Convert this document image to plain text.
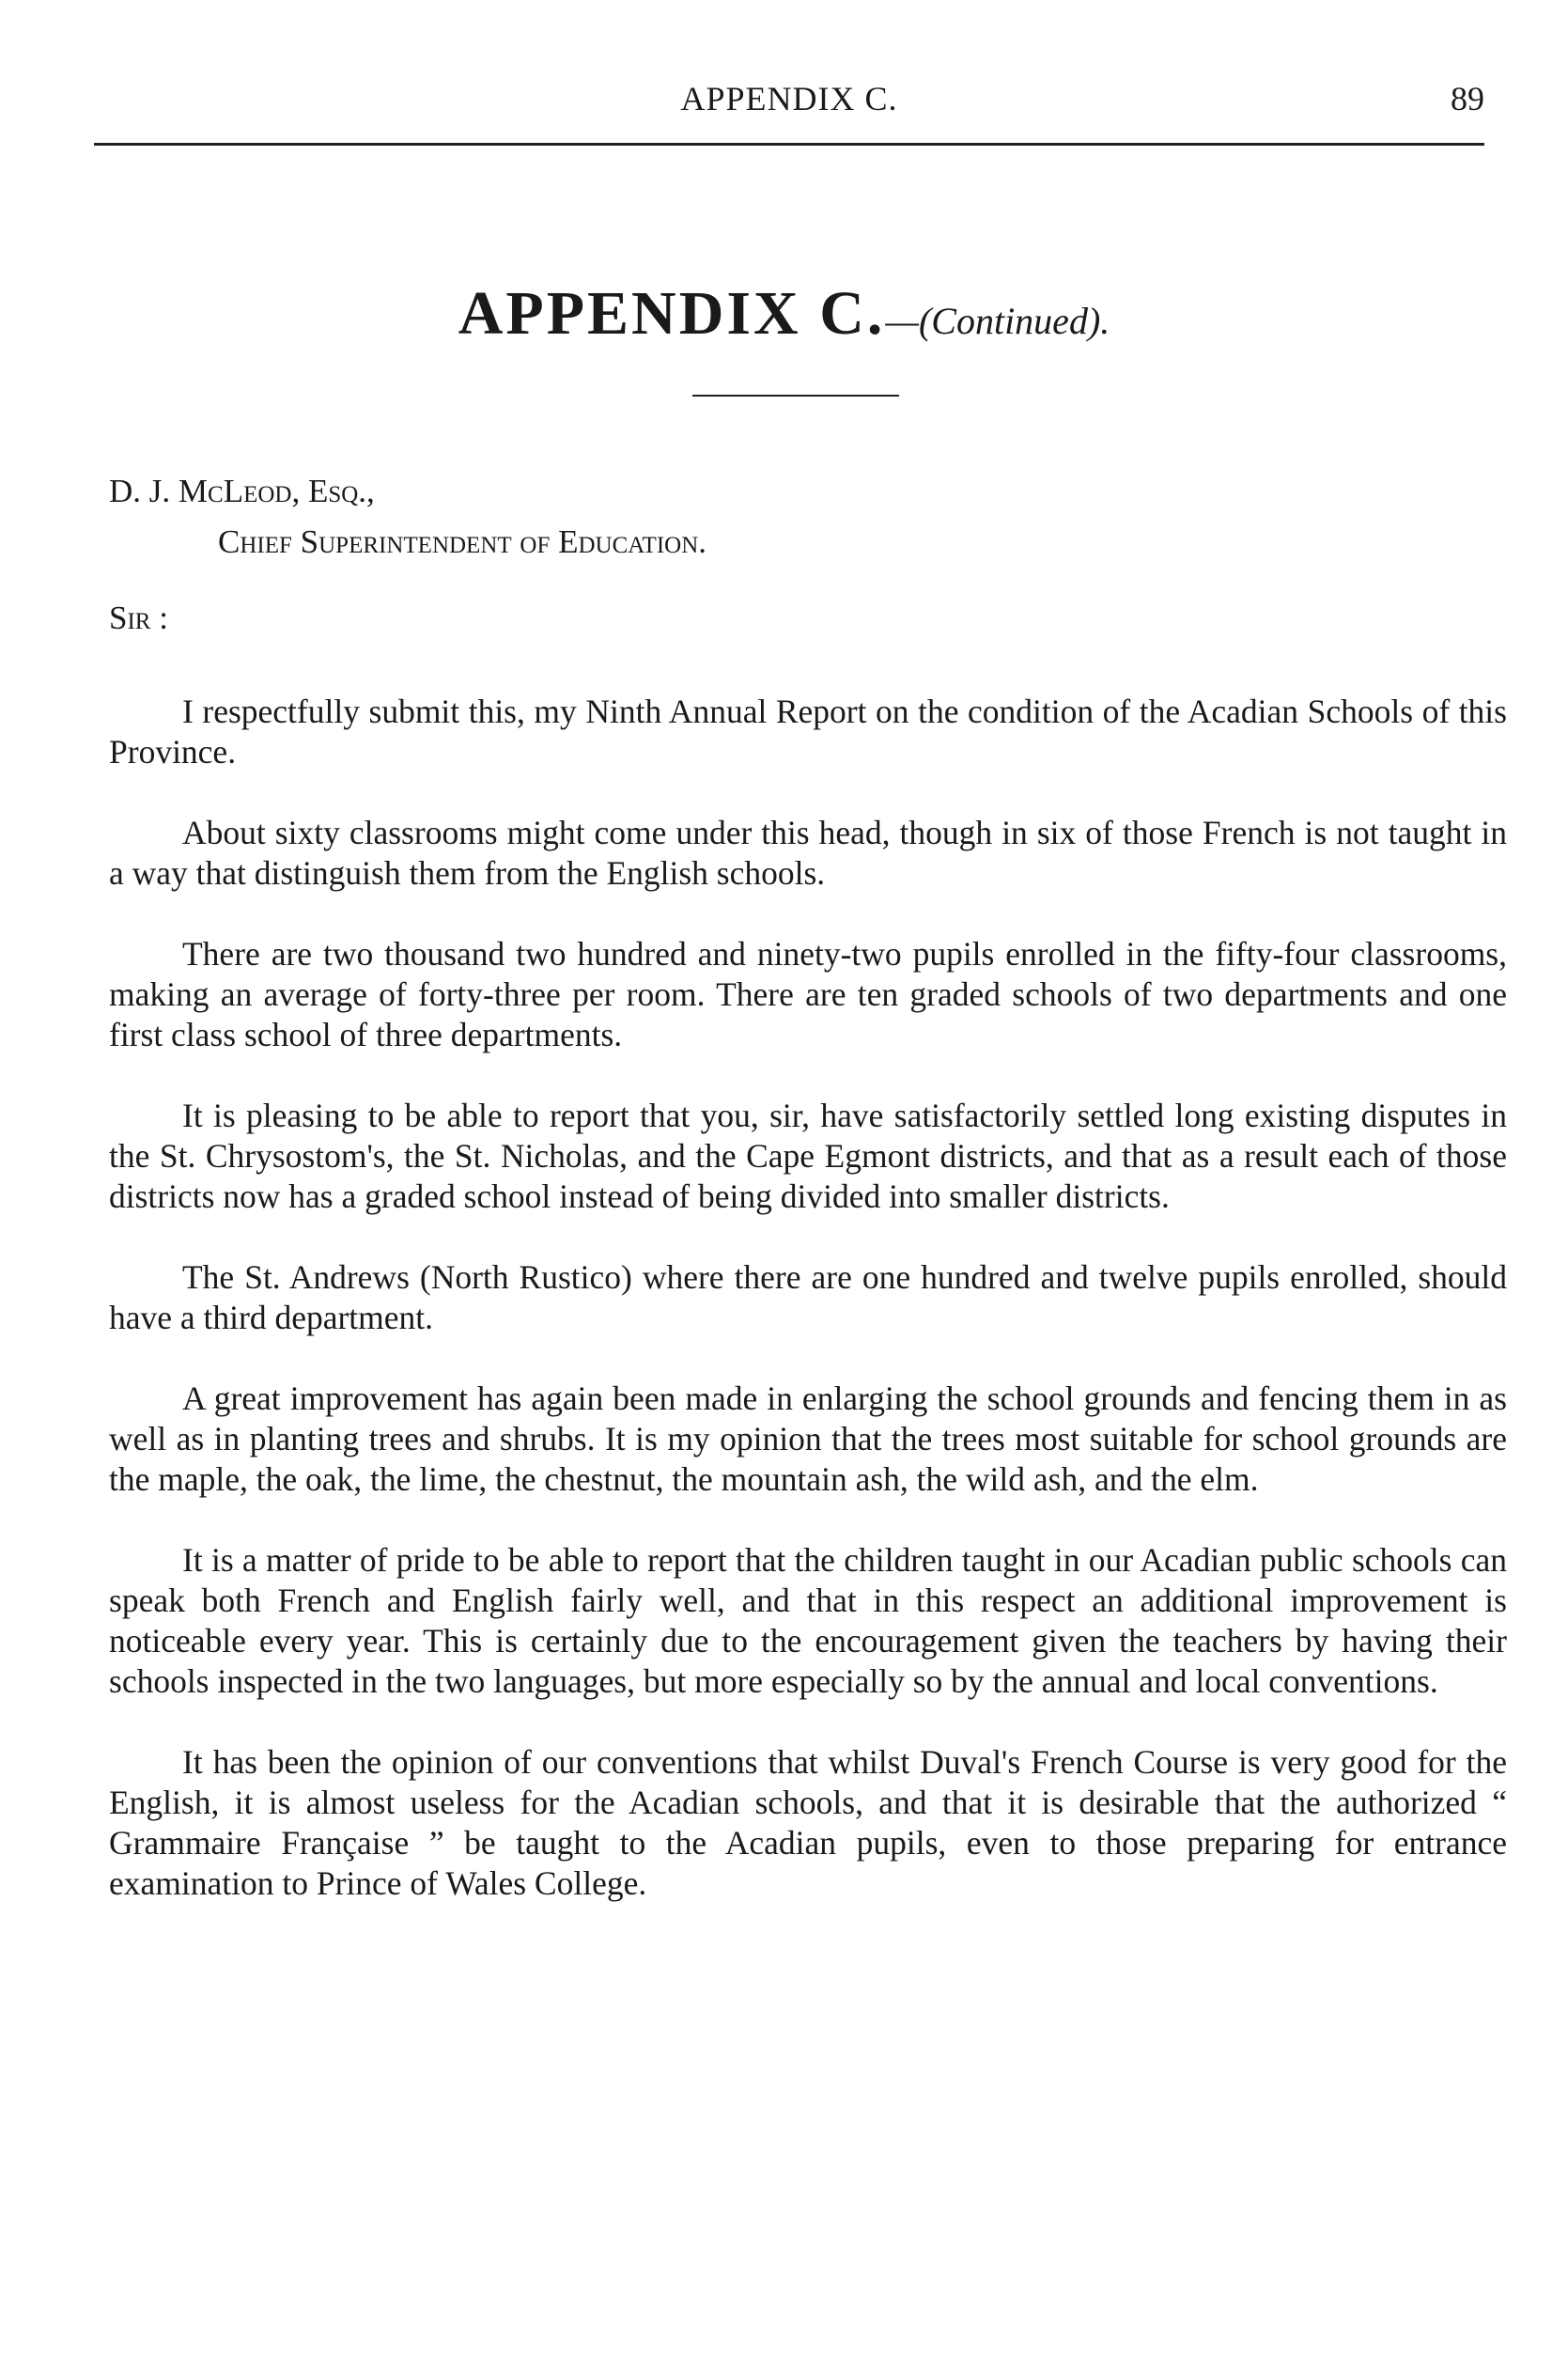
APPENDIX C.	89
APPENDIX C.—(Continued).
D. J. McLeod, Esq.,
Chief Superintendent of Education.
Sir :

I respectfully submit this, my Ninth Annual Report on the condition of the Acadian Schools of this Province.

About sixty classrooms might come under this head, though in six of those French is not taught in a way that distinguish them from the English schools.

There are two thousand two hundred and ninety-two pupils enrolled in the fifty-four classrooms, making an average of forty-three per room. There are ten graded schools of two departments and one first class school of three departments.

It is pleasing to be able to report that you, sir, have satisfactorily settled long existing disputes in the St. Chrysostom's, the St. Nicholas, and the Cape Egmont districts, and that as a result each of those districts now has a graded school instead of being divided into smaller districts.

The St. Andrews (North Rustico) where there are one hundred and twelve pupils enrolled, should have a third department.

A great improvement has again been made in enlarging the school grounds and fencing them in as well as in planting trees and shrubs. It is my opinion that the trees most suitable for school grounds are the maple, the oak, the lime, the chestnut, the mountain ash, the wild ash, and the elm.

It is a matter of pride to be able to report that the children taught in our Acadian public schools can speak both French and English fairly well, and that in this respect an additional improvement is noticeable every year. This is certainly due to the encouragement given the teachers by having their schools inspected in the two languages, but more especially so by the annual and local conventions.

It has been the opinion of our conventions that whilst Duval's French Course is very good for the English, it is almost useless for the Acadian schools, and that it is desirable that the authorized “ Grammaire Française ” be taught to the Acadian pupils, even to those preparing for entrance examination to Prince of Wales College.
